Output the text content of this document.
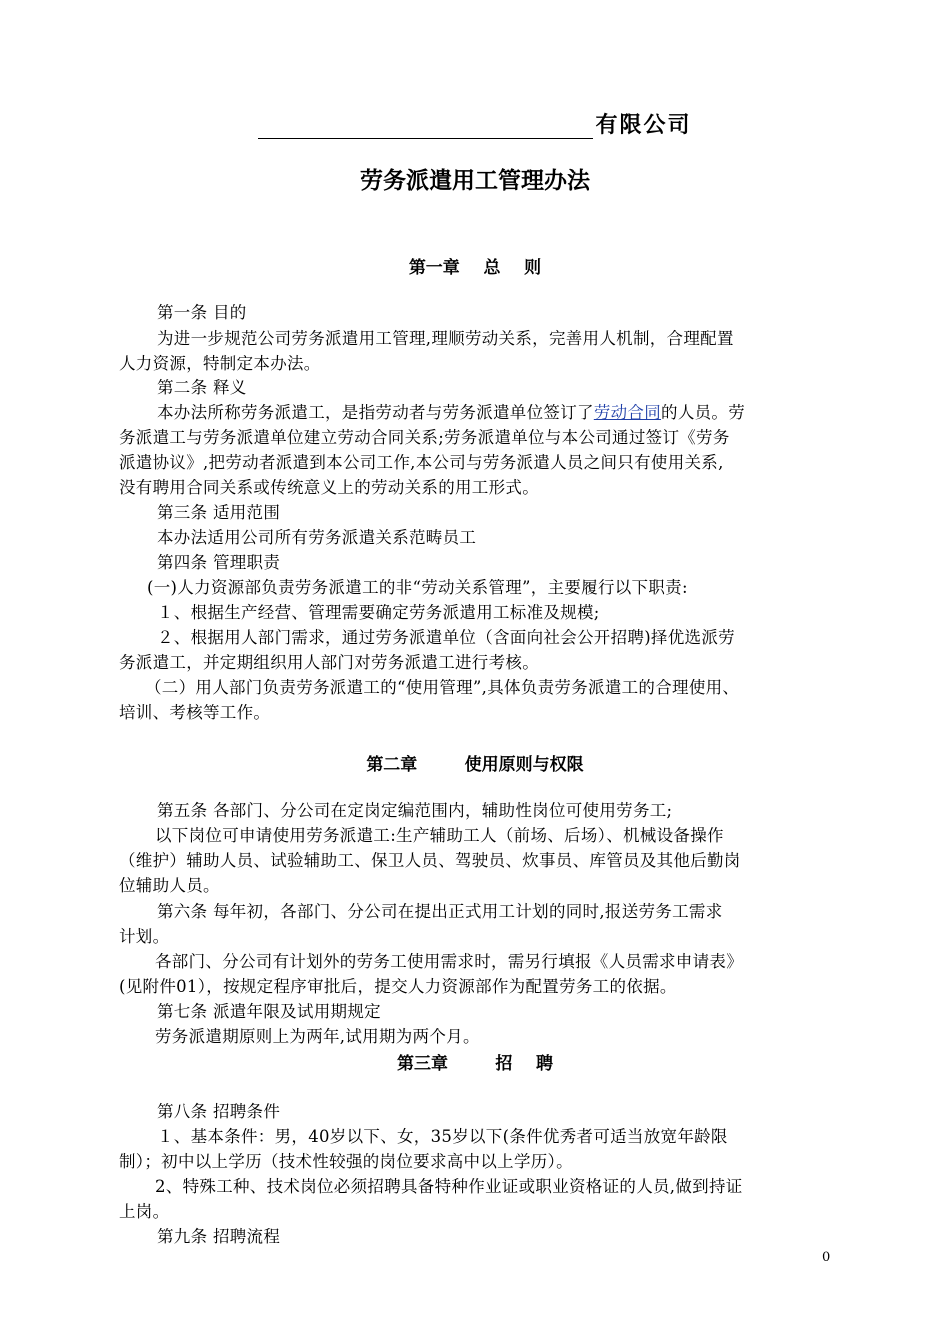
有限公司
劳务派遣用工管理办法
第一章    总    则

第一条 目的

为进一步规范公司劳务派遣用工管理,理顺劳动关系，完善用人机制，合理配置

人力资源，特制定本办法。

第二条 释义

本办法所称劳务派遣工，是指劳动者与劳务派遣单位签订了劳动合同的人员。劳

务派遣工与劳务派遣单位建立劳动合同关系;劳务派遣单位与本公司通过签订《劳务

派遣协议》,把劳动者派遣到本公司工作,本公司与劳务派遣人员之间只有使用关系,

没有聘用合同关系或传统意义上的劳动关系的用工形式。

第三条 适用范围

本办法适用公司所有劳务派遣关系范畴员工

第四条 管理职责

(一)人力资源部负责劳务派遣工的非“劳动关系管理”，主要履行以下职责:

１、根据生产经营、管理需要确定劳务派遣用工标准及规模;

２、根据用人部门需求，通过劳务派遣单位（含面向社会公开招聘)择优选派劳

务派遣工，并定期组织用人部门对劳务派遣工进行考核。

（二）用人部门负责劳务派遣工的“使用管理”,具体负责劳务派遣工的合理使用、

培训、考核等工作。

第二章        使用原则与权限

第五条 各部门、分公司在定岗定编范围内，辅助性岗位可使用劳务工;

以下岗位可申请使用劳务派遣工:生产辅助工人（前场、后场）、机械设备操作

（维护）辅助人员、试验辅助工、保卫人员、驾驶员、炊事员、库管员及其他后勤岗

位辅助人员。

第六条 每年初，各部门、分公司在提出正式用工计划的同时,报送劳务工需求

计划。

各部门、分公司有计划外的劳务工使用需求时，需另行填报《人员需求申请表》

(见附件01），按规定程序审批后，提交人力资源部作为配置劳务工的依据。

第七条 派遣年限及试用期规定

劳务派遣期原则上为两年,试用期为两个月。

第三章        招    聘

第八条 招聘条件

１、基本条件：男，40岁以下、女，35岁以下(条件优秀者可适当放宽年龄限

制）；初中以上学历（技术性较强的岗位要求高中以上学历）。

2、特殊工种、技术岗位必须招聘具备特种作业证或职业资格证的人员,做到持证

上岗。

第九条 招聘流程

0
